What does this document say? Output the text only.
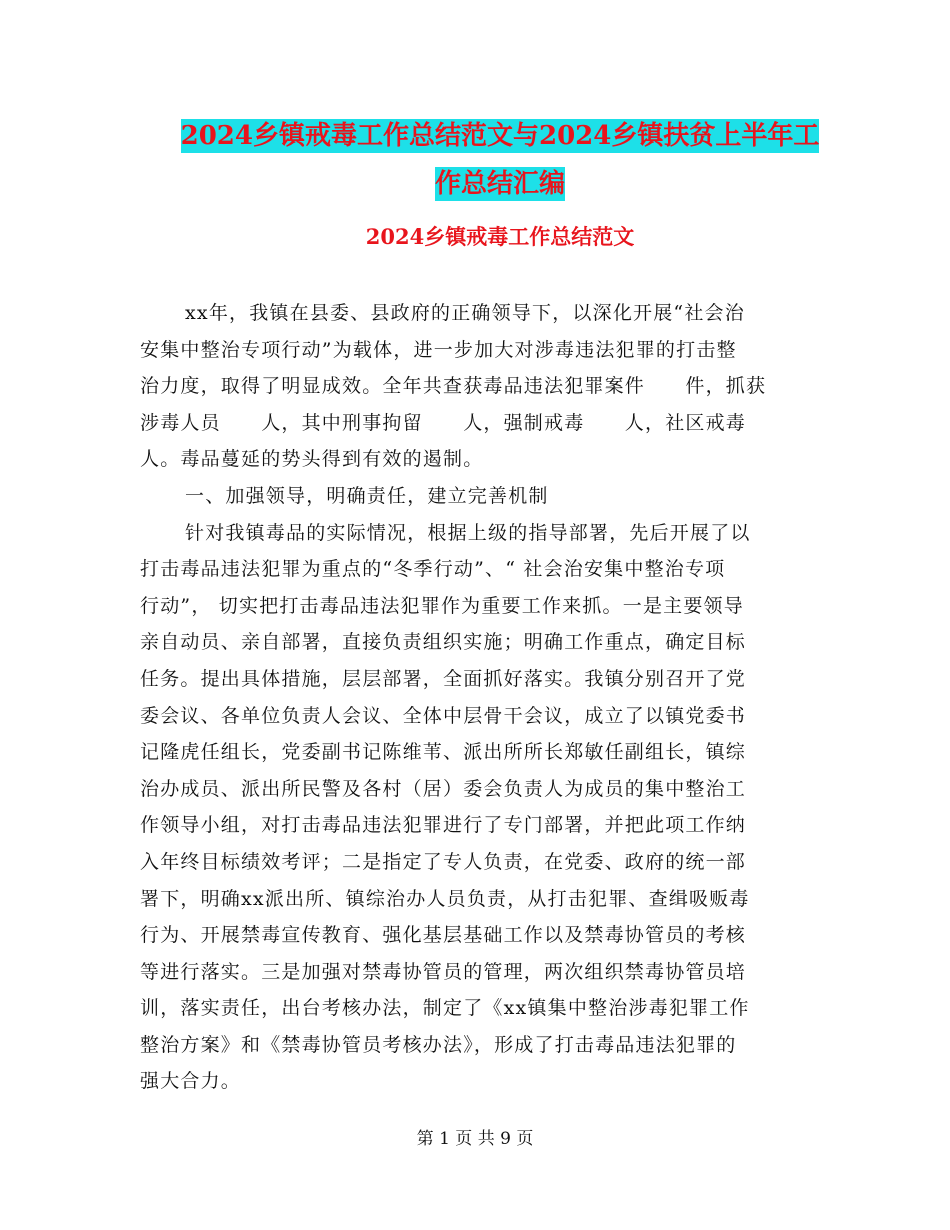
2024乡镇戒毒工作总结范文与2024乡镇扶贫上半年工
作总结汇编
2024乡镇戒毒工作总结范文

xx年，我镇在县委、县政府的正确领导下，以深化开展“社会治

安集中整治专项行动”为载体，进一步加大对涉毒违法犯罪的打击整

治力度，取得了明显成效。全年共查获毒品违法犯罪案件　　件，抓获

涉毒人员　　人，其中刑事拘留　　人，强制戒毒　　人，社区戒毒

人。毒品蔓延的势头得到有效的遏制。

一、加强领导，明确责任，建立完善机制

针对我镇毒品的实际情况，根据上级的指导部署，先后开展了以

打击毒品违法犯罪为重点的“冬季行动”、“ 社会治安集中整治专项

行动”， 切实把打击毒品违法犯罪作为重要工作来抓。一是主要领导

亲自动员、亲自部署，直接负责组织实施；明确工作重点，确定目标

任务。提出具体措施，层层部署，全面抓好落实。我镇分别召开了党

委会议、各单位负责人会议、全体中层骨干会议，成立了以镇党委书

记隆虎任组长，党委副书记陈维苇、派出所所长郑敏任副组长，镇综

治办成员、派出所民警及各村（居）委会负责人为成员的集中整治工

作领导小组，对打击毒品违法犯罪进行了专门部署，并把此项工作纳

入年终目标绩效考评；二是指定了专人负责，在党委、政府的统一部

署下，明确xx派出所、镇综治办人员负责，从打击犯罪、查缉吸贩毒

行为、开展禁毒宣传教育、强化基层基础工作以及禁毒协管员的考核

等进行落实。三是加强对禁毒协管员的管理，两次组织禁毒协管员培

训，落实责任，出台考核办法，制定了《xx镇集中整治涉毒犯罪工作

整治方案》和《禁毒协管员考核办法》，形成了打击毒品违法犯罪的

强大合力。

第 1 页 共 9 页
